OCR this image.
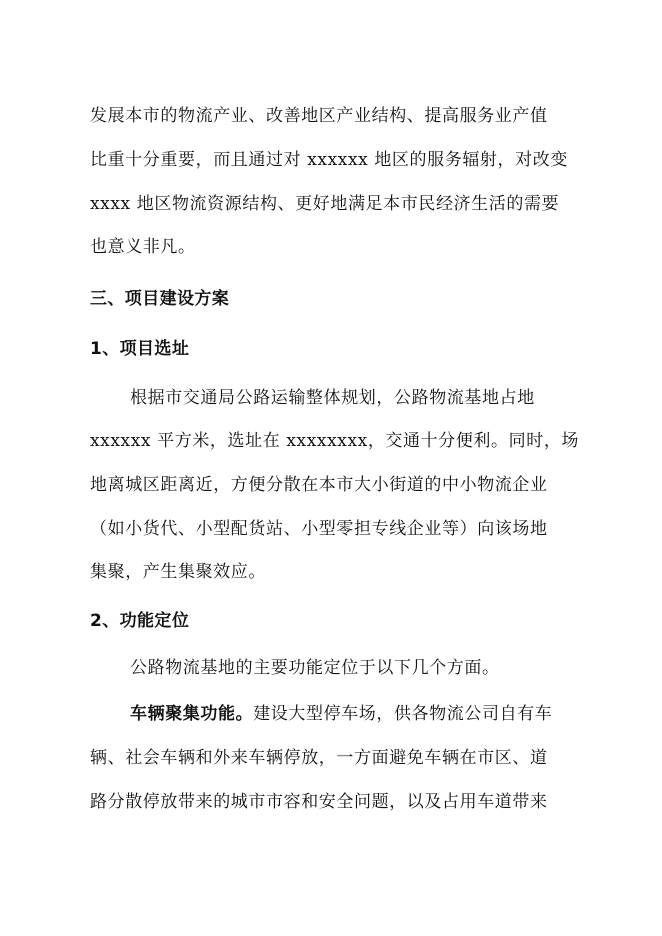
发展本市的物流产业、改善地区产业结构、提高服务业产值
比重十分重要，而且通过对 xxxxxx 地区的服务辐射，对改变
xxxx 地区物流资源结构、更好地满足本市民经济生活的需要
也意义非凡。
三、项目建设方案
1、项目选址
根据市交通局公路运输整体规划，公路物流基地占地
xxxxxx 平方米，选址在 xxxxxxxx，交通十分便利。同时，场
地离城区距离近，方便分散在本市大小街道的中小物流企业
（如小货代、小型配货站、小型零担专线企业等）向该场地
集聚，产生集聚效应。
2、功能定位
公路物流基地的主要功能定位于以下几个方面。
车辆聚集功能。建设大型停车场，供各物流公司自有车
辆、社会车辆和外来车辆停放，一方面避免车辆在市区、道
路分散停放带来的城市市容和安全问题，以及占用车道带来
